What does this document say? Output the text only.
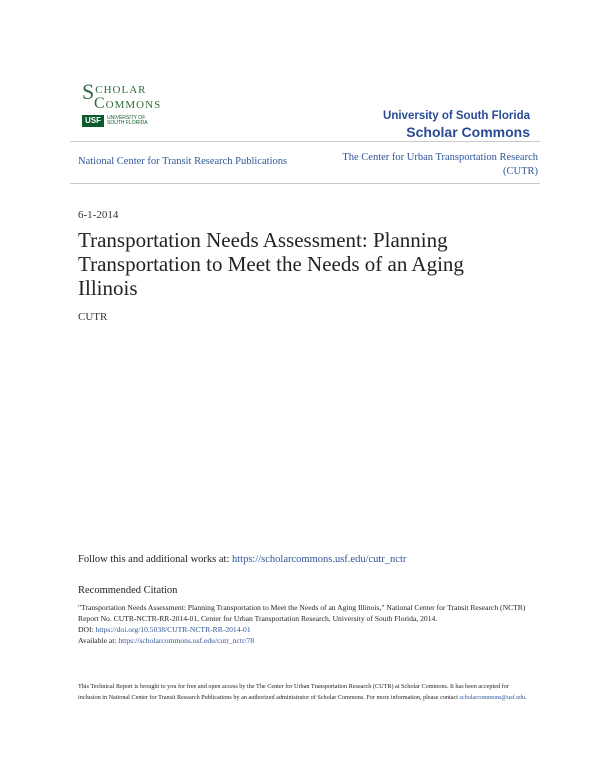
SCHOLAR
COMMONS
USF	UNIVERSITY OF
SOUTH FLORIDA
University of South Florida
Scholar Commons
National Center for Transit Research Publications	The Center for Urban Transportation Research
(CUTR)
6-1-2014
Transportation Needs Assessment: Planning Transportation to Meet the Needs of an Aging Illinois
CUTR
Follow this and additional works at: https://scholarcommons.usf.edu/cutr_nctr
Recommended Citation
"Transportation Needs Assessment: Planning Transportation to Meet the Needs of an Aging Illinois," National Center for Transit Research (NCTR) Report No. CUTR-NCTR-RR-2014-01, Center for Urban Transportation Research, University of South Florida, 2014.
DOI: https://doi.org/10.5038/CUTR-NCTR-RR-2014-01
Available at: https://scholarcommons.usf.edu/cutr_nctr/78
This Technical Report is brought to you for free and open access by the The Center for Urban Transportation Research (CUTR) at Scholar Commons. It has been accepted for inclusion in National Center for Transit Research Publications by an authorized administrator of Scholar Commons. For more information, please contact scholarcommons@usf.edu.
